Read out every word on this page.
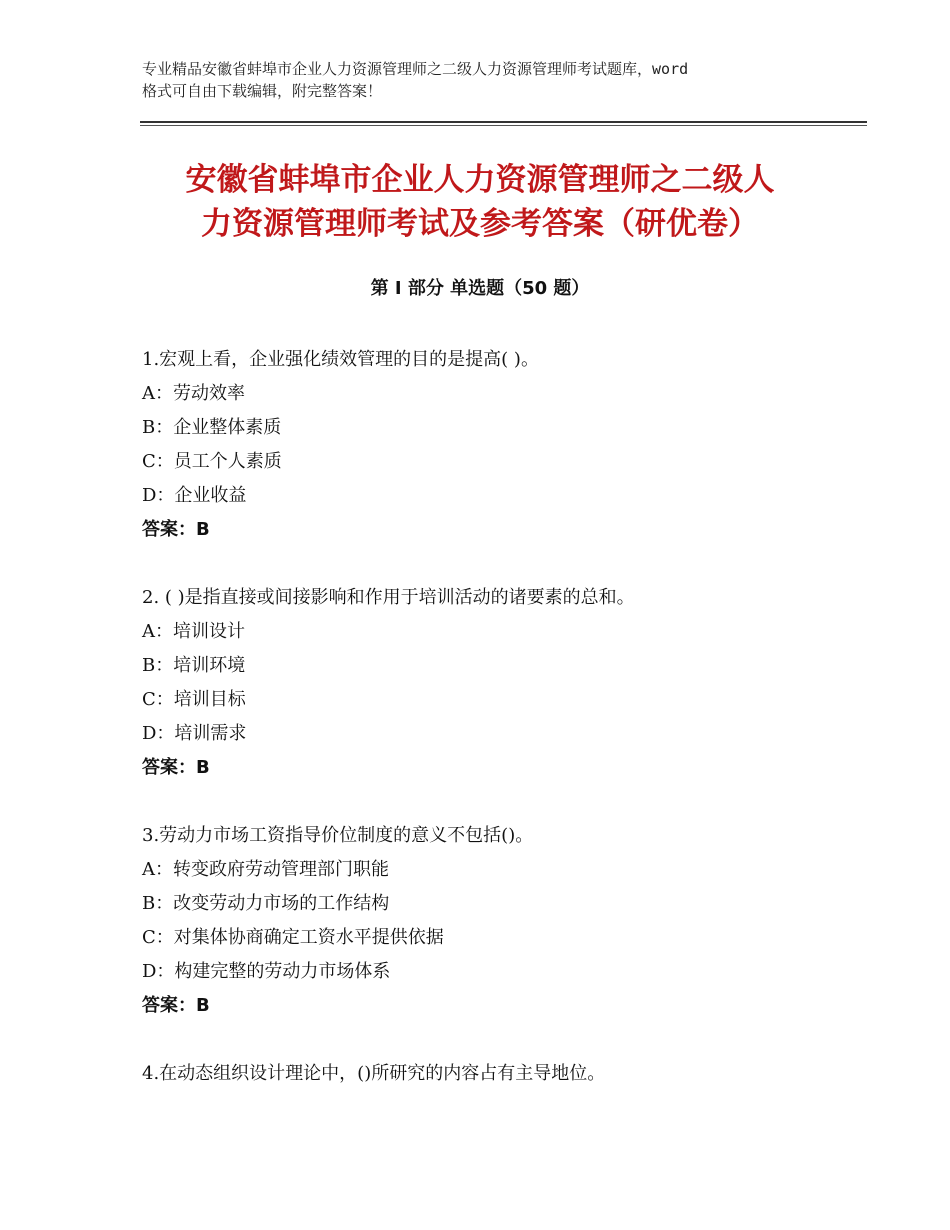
专业精品安徽省蚌埠市企业人力资源管理师之二级人力资源管理师考试题库，word
格式可自由下载编辑，附完整答案！
安徽省蚌埠市企业人力资源管理师之二级人
力资源管理师考试及参考答案（研优卷）
第 I 部分 单选题（50 题）
1.宏观上看，企业强化绩效管理的目的是提高( )。
A：劳动效率
B：企业整体素质
C：员工个人素质
D：企业收益
答案：B
2. ( )是指直接或间接影响和作用于培训活动的诸要素的总和。
A：培训设计
B：培训环境
C：培训目标
D：培训需求
答案：B
3.劳动力市场工资指导价位制度的意义不包括()。
A：转变政府劳动管理部门职能
B：改变劳动力市场的工作结构
C：对集体协商确定工资水平提供依据
D：构建完整的劳动力市场体系
答案：B
4.在动态组织设计理论中，()所研究的内容占有主导地位。
